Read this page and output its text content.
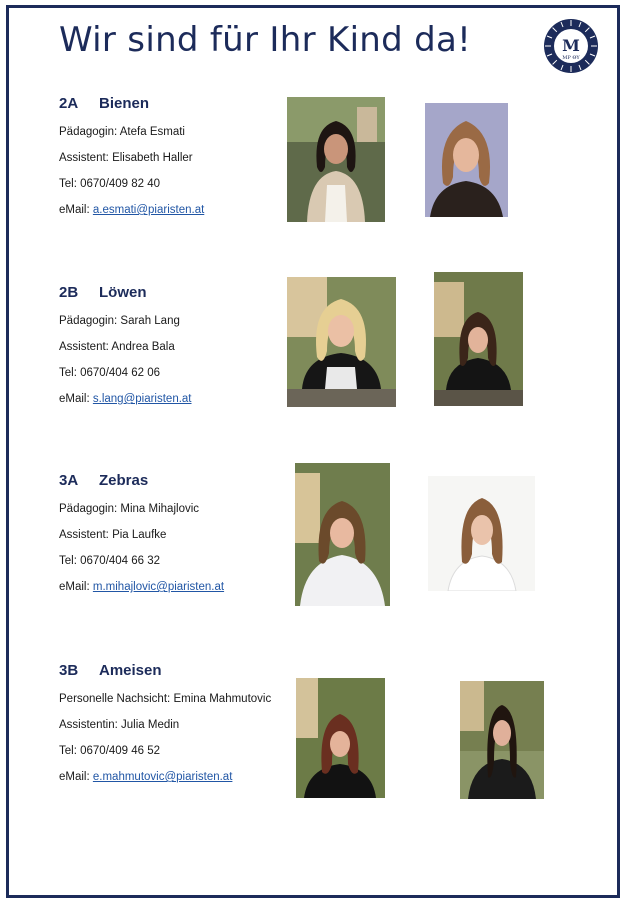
Wir sind für Ihr Kind da!	M
MP ΘY
2A	Bienen
Pädagogin: Atefa Esmati
Assistent: Elisabeth Haller
Tel: 0670/409 82 40
eMail: a.esmati@piaristen.at
2B	Löwen
Pädagogin: Sarah Lang
Assistent: Andrea Bala
Tel: 0670/404 62 06
eMail: s.lang@piaristen.at
3A	Zebras
Pädagogin: Mina Mihajlovic
Assistent: Pia Laufke
Tel: 0670/404 66 32
eMail: m.mihajlovic@piaristen.at
3B	Ameisen
Personelle Nachsicht: Emina Mahmutovic
Assistentin: Julia Medin
Tel: 0670/409 46 52
eMail: e.mahmutovic@piaristen.at
